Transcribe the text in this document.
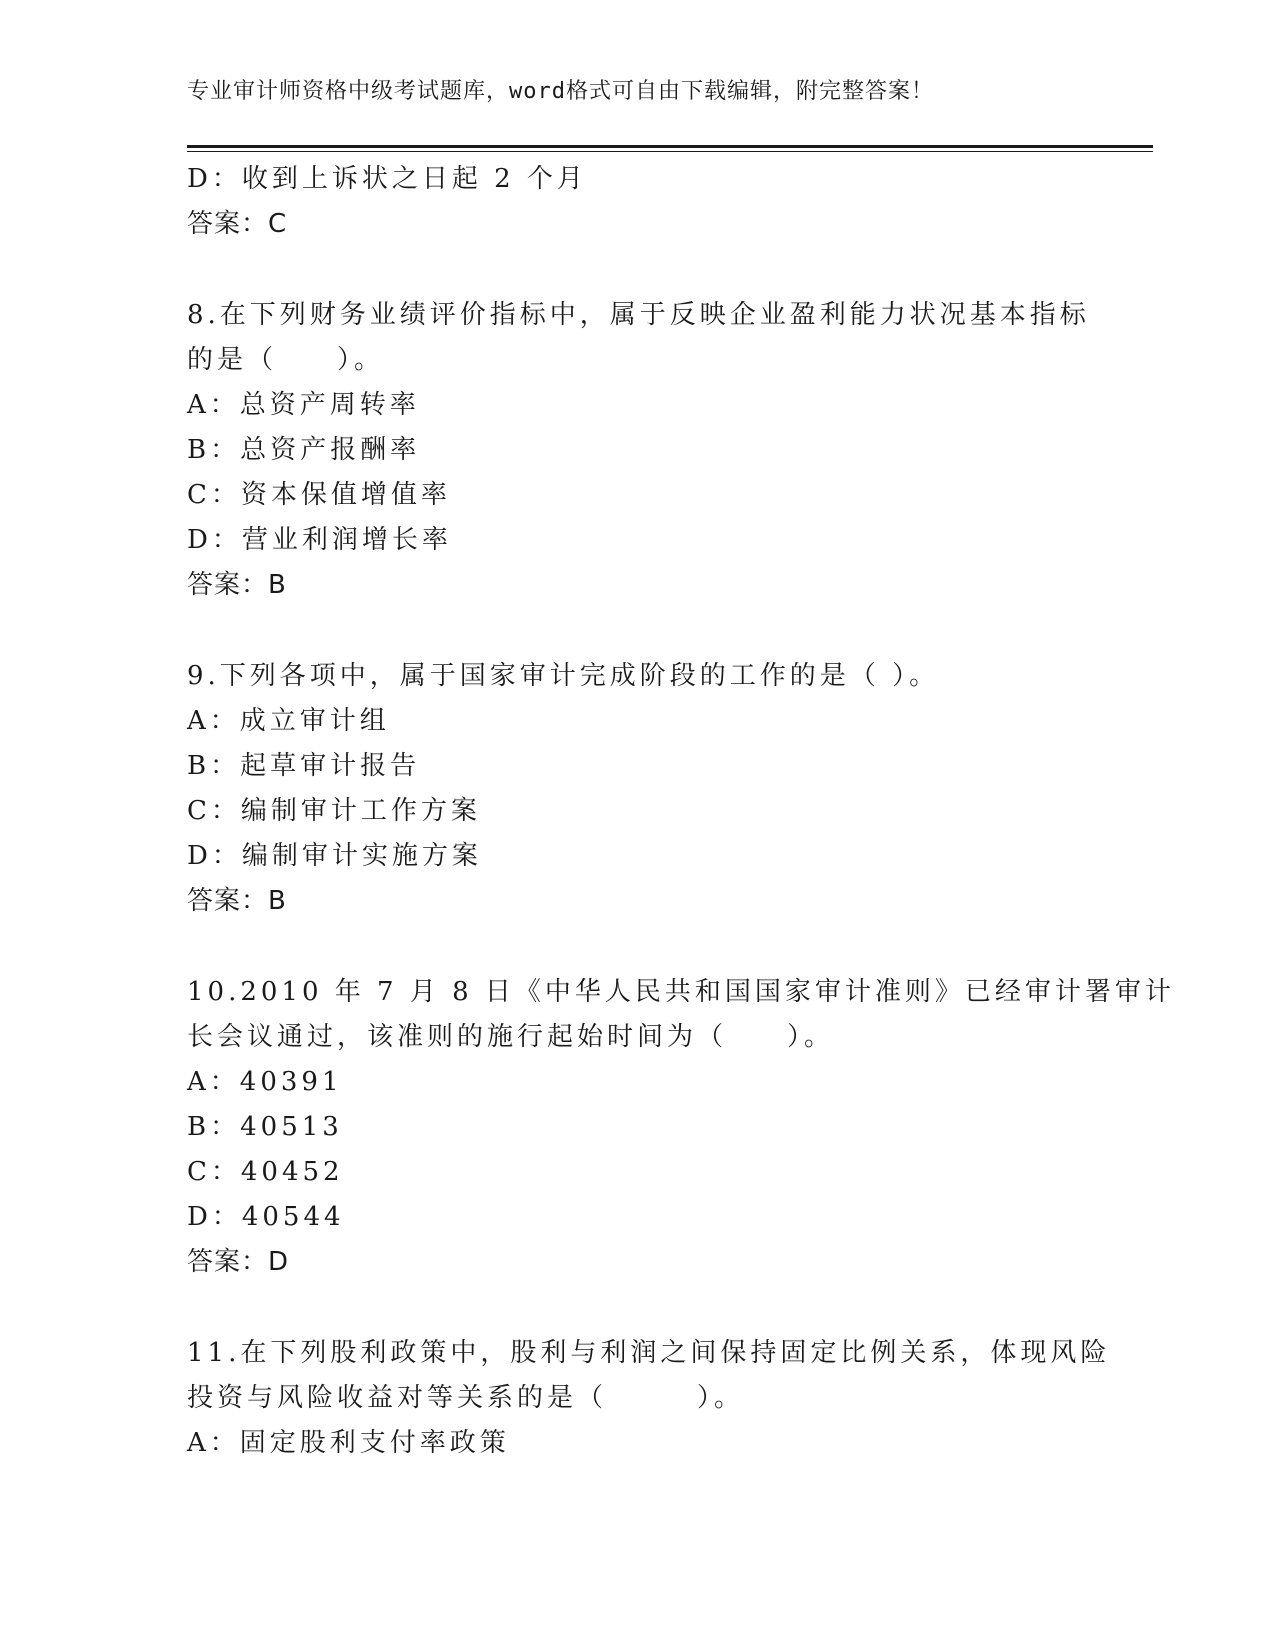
专业审计师资格中级考试题库，word格式可自由下载编辑，附完整答案！
D：收到上诉状之日起 2 个月
答案：C
8.在下列财务业绩评价指标中，属于反映企业盈利能力状况基本指标
的是（　　）。
A：总资产周转率
B：总资产报酬率
C：资本保值增值率
D：营业利润增长率
答案：B
9.下列各项中，属于国家审计完成阶段的工作的是（ ）。
A：成立审计组
B：起草审计报告
C：编制审计工作方案
D：编制审计实施方案
答案：B
10.2010 年 7 月 8 日《中华人民共和国国家审计准则》已经审计署审计
长会议通过，该准则的施行起始时间为（　　）。
A：40391
B：40513
C：40452
D：40544
答案：D
11.在下列股利政策中，股利与利润之间保持固定比例关系，体现风险
投资与风险收益对等关系的是（　　　）。
A：固定股利支付率政策
